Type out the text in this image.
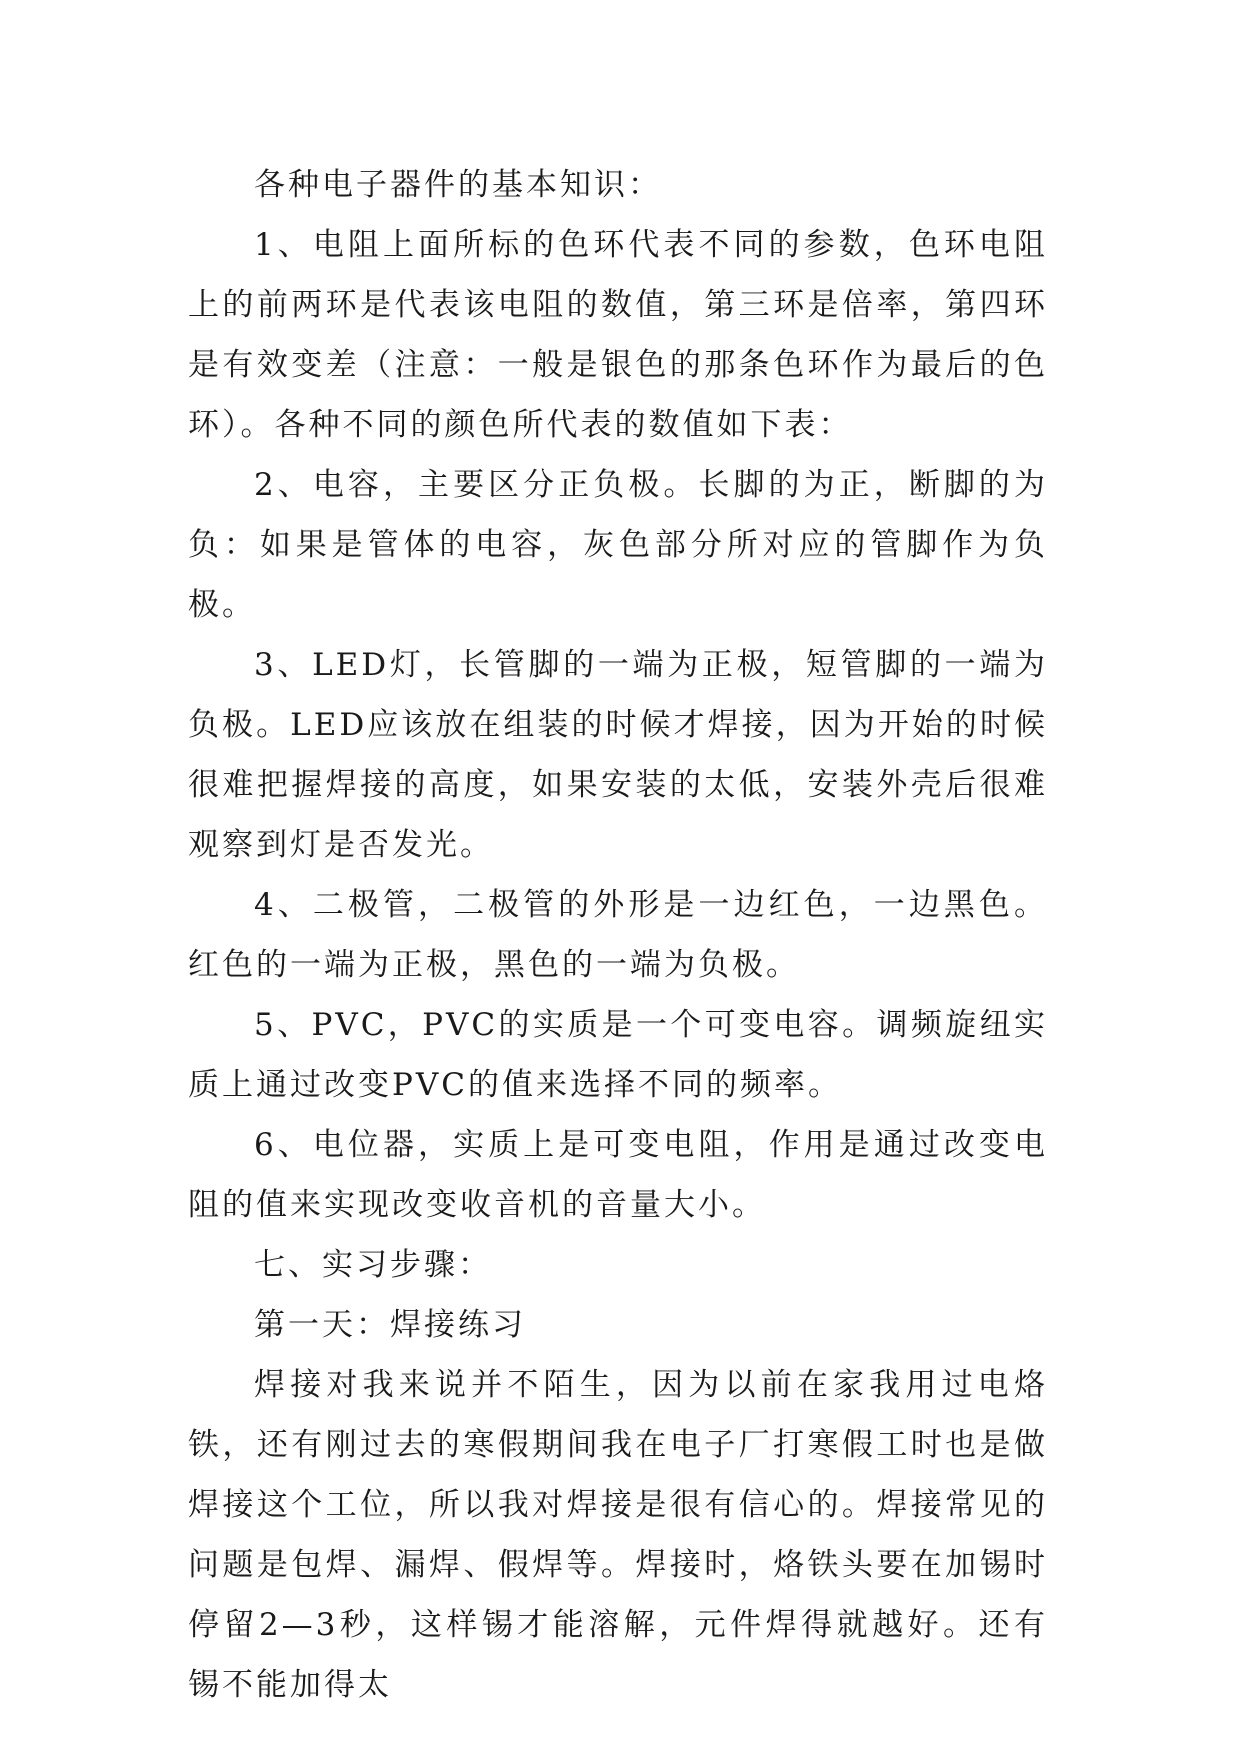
各种电子器件的基本知识：

1、电阻上面所标的色环代表不同的参数，色环电阻上的前两环是代表该电阻的数值，第三环是倍率，第四环是有效变差（注意：一般是银色的那条色环作为最后的色环）。各种不同的颜色所代表的数值如下表：

2、电容，主要区分正负极。长脚的为正，断脚的为负：如果是管体的电容，灰色部分所对应的管脚作为负极。

3、LED灯，长管脚的一端为正极，短管脚的一端为负极。LED应该放在组装的时候才焊接，因为开始的时候很难把握焊接的高度，如果安装的太低，安装外壳后很难观察到灯是否发光。

4、二极管，二极管的外形是一边红色，一边黑色。红色的一端为正极，黑色的一端为负极。

5、PVC，PVC的实质是一个可变电容。调频旋纽实质上通过改变PVC的值来选择不同的频率。

6、电位器，实质上是可变电阻，作用是通过改变电阻的值来实现改变收音机的音量大小。

七、实习步骤：

第一天：焊接练习

焊接对我来说并不陌生，因为以前在家我用过电烙铁，还有刚过去的寒假期间我在电子厂打寒假工时也是做焊接这个工位，所以我对焊接是很有信心的。焊接常见的问题是包焊、漏焊、假焊等。焊接时，烙铁头要在加锡时停留2—3秒，这样锡才能溶解，元件焊得就越好。还有锡不能加得太
